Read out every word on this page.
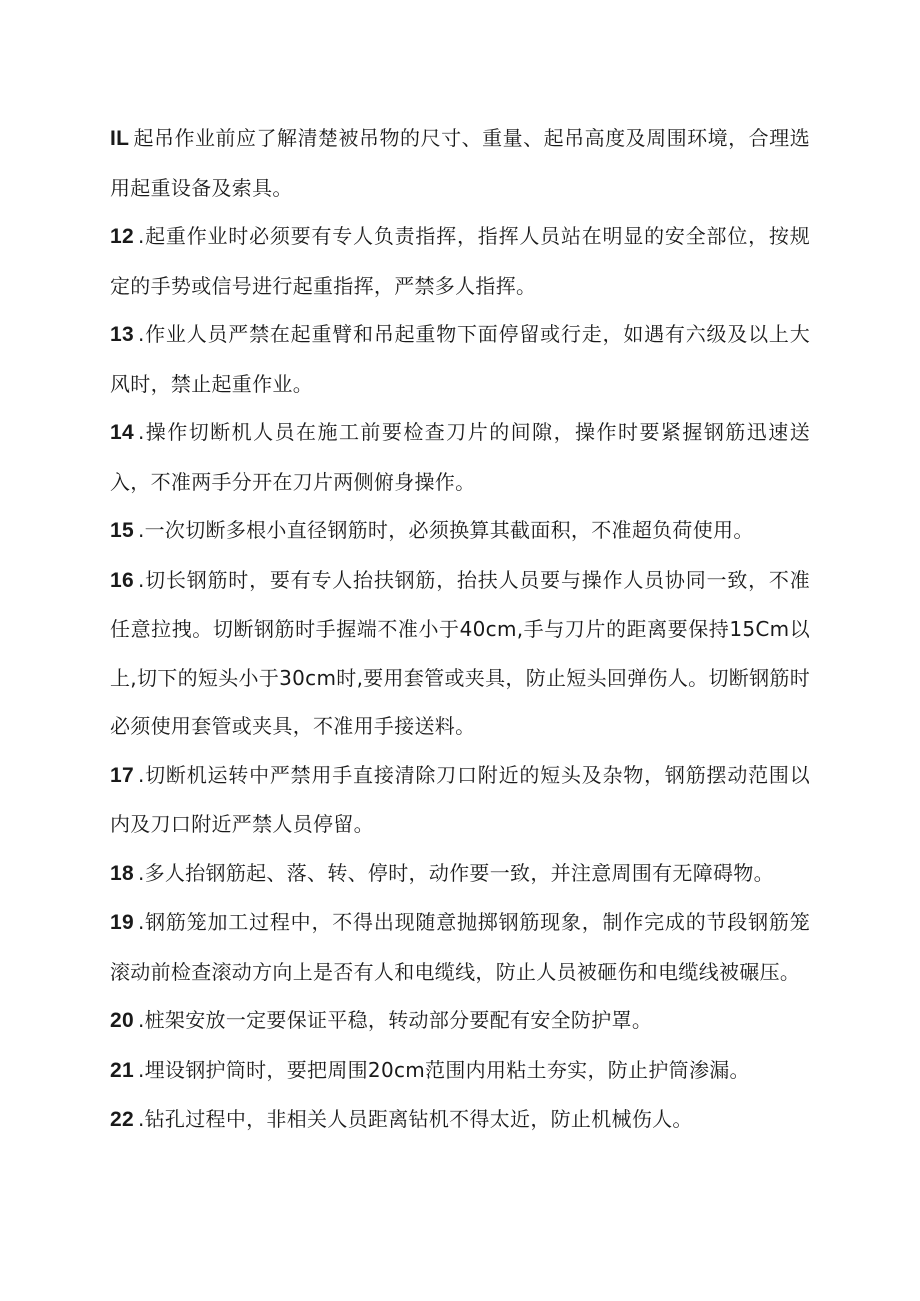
IL 起吊作业前应了解清楚被吊物的尺寸、重量、起吊高度及周围环境，合理选用起重设备及索具。

12 .起重作业时必须要有专人负责指挥，指挥人员站在明显的安全部位，按规定的手势或信号进行起重指挥，严禁多人指挥。

13 .作业人员严禁在起重臂和吊起重物下面停留或行走，如遇有六级及以上大风时，禁止起重作业。

14 .操作切断机人员在施工前要检查刀片的间隙，操作时要紧握钢筋迅速送入，不准两手分开在刀片两侧俯身操作。

15 .一次切断多根小直径钢筋时，必须换算其截面积，不准超负荷使用。

16 .切长钢筋时，要有专人抬扶钢筋，抬扶人员要与操作人员协同一致，不准任意拉拽。切断钢筋时手握端不准小于40cm,手与刀片的距离要保持15Cm以上,切下的短头小于30cm时,要用套管或夹具，防止短头回弹伤人。切断钢筋时必须使用套管或夹具，不准用手接送料。

17 .切断机运转中严禁用手直接清除刀口附近的短头及杂物，钢筋摆动范围以内及刀口附近严禁人员停留。

18 .多人抬钢筋起、落、转、停时，动作要一致，并注意周围有无障碍物。

19 .钢筋笼加工过程中，不得出现随意抛掷钢筋现象，制作完成的节段钢筋笼滚动前检查滚动方向上是否有人和电缆线，防止人员被砸伤和电缆线被碾压。

20 .桩架安放一定要保证平稳，转动部分要配有安全防护罩。

21 .埋设钢护筒时，要把周围20cm范围内用粘土夯实，防止护筒渗漏。

22 .钻孔过程中，非相关人员距离钻机不得太近，防止机械伤人。
